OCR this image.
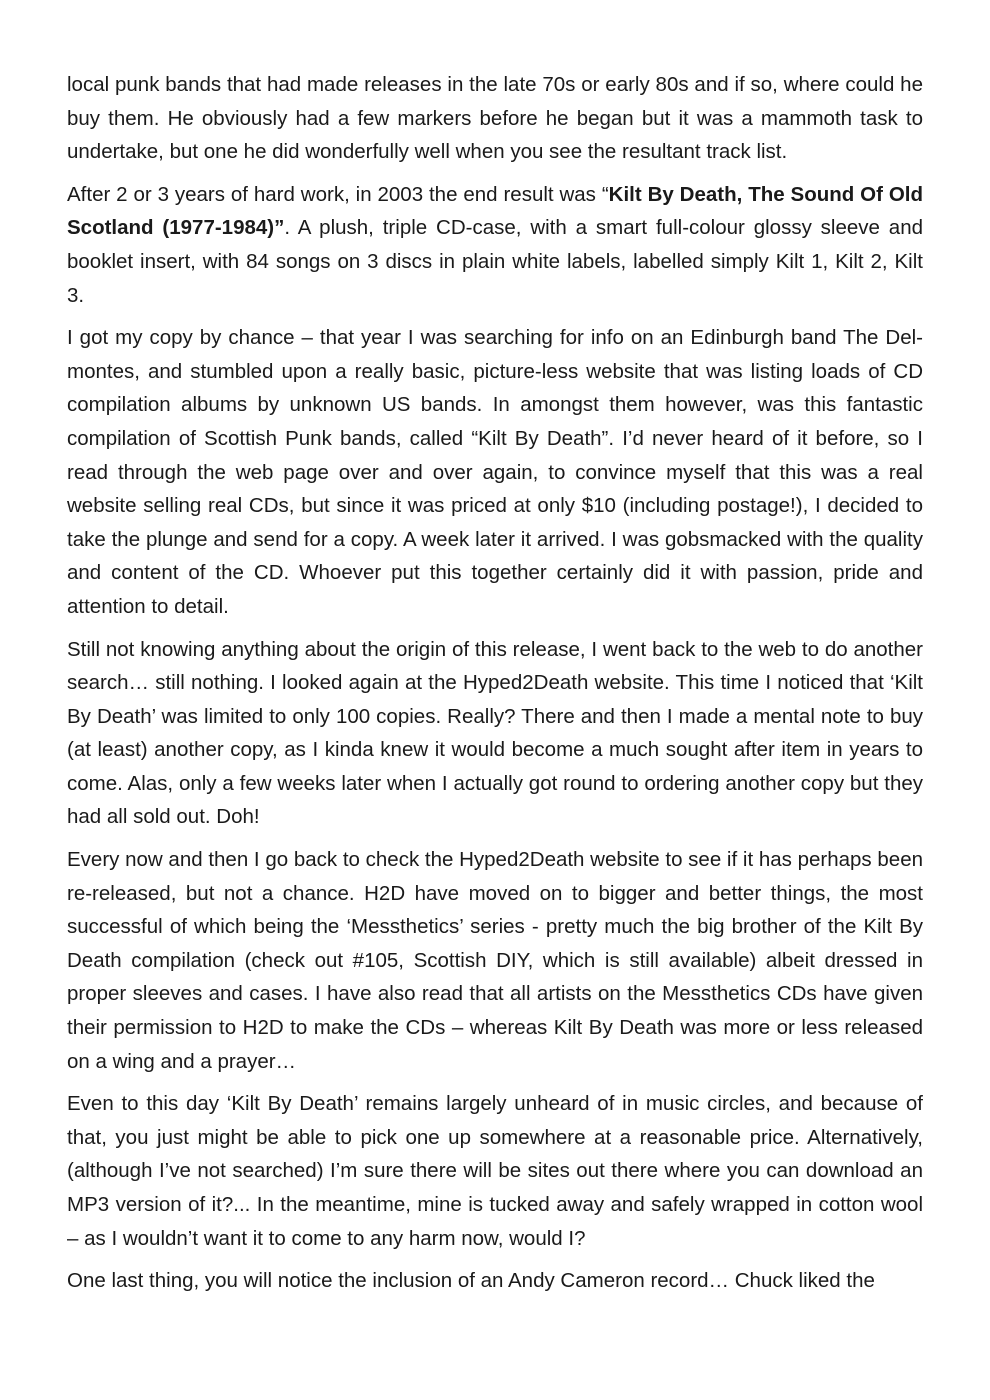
local punk bands that had made releases in the late 70s or early 80s and if so, where could he buy them. He obviously had a few markers before he began but it was a mammoth task to undertake, but one he did wonderfully well when you see the resultant track list.

After 2 or 3 years of hard work, in 2003 the end result was “Kilt By Death, The Sound Of Old Scotland (1977-1984)”. A plush, triple CD-case, with a smart full-colour glossy sleeve and booklet insert, with 84 songs on 3 discs in plain white labels, labelled simply Kilt 1, Kilt 2, Kilt 3.

I got my copy by chance – that year I was searching for info on an Edinburgh band The Delmontes, and stumbled upon a really basic, picture-less website that was listing loads of CD compilation albums by unknown US bands. In amongst them however, was this fantastic compilation of Scottish Punk bands, called “Kilt By Death”. I’d never heard of it before, so I read through the web page over and over again, to convince myself that this was a real website selling real CDs, but since it was priced at only $10 (including postage!), I decided to take the plunge and send for a copy. A week later it arrived. I was gobsmacked with the quality and content of the CD. Whoever put this together certainly did it with passion, pride and attention to detail.

Still not knowing anything about the origin of this release, I went back to the web to do another search… still nothing. I looked again at the Hyped2Death website. This time I noticed that ‘Kilt By Death’ was limited to only 100 copies. Really? There and then I made a mental note to buy (at least) another copy, as I kinda knew it would become a much sought after item in years to come. Alas, only a few weeks later when I actually got round to ordering another copy but they had all sold out. Doh!

Every now and then I go back to check the Hyped2Death website to see if it has perhaps been re-released, but not a chance. H2D have moved on to bigger and better things, the most successful of which being the ‘Messthetics’ series - pretty much the big brother of the Kilt By Death compilation (check out #105, Scottish DIY, which is still available) albeit dressed in proper sleeves and cases. I have also read that all artists on the Messthetics CDs have given their permission to H2D to make the CDs – whereas Kilt By Death was more or less released on a wing and a prayer…

Even to this day ‘Kilt By Death’ remains largely unheard of in music circles, and because of that, you just might be able to pick one up somewhere at a reasonable price. Alternatively, (although I’ve not searched) I’m sure there will be sites out there where you can download an MP3 version of it?... In the meantime, mine is tucked away and safely wrapped in cotton wool – as I wouldn’t want it to come to any harm now, would I?

One last thing, you will notice the inclusion of an Andy Cameron record… Chuck liked the
